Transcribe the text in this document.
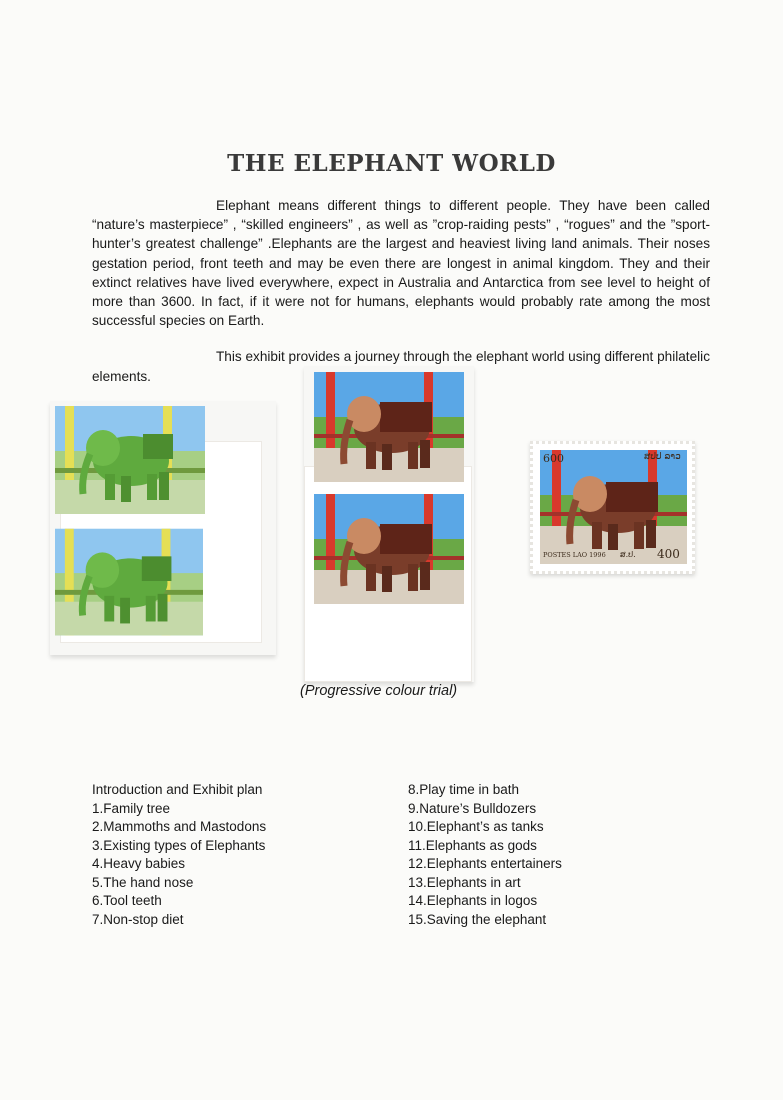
THE ELEPHANT WORLD

Elephant means different things to different people. They have been called “nature’s masterpiece” , “skilled engineers” , as well as ”crop-raiding pests” , “rogues” and the ”sport-hunter’s greatest challenge” .Elephants are the largest and heaviest living land animals. Their noses gestation period, front teeth and may be even there are longest in animal kingdom. They and their extinct relatives have lived everywhere, expect in Australia and Antarctica from see level to height of more than 3600. In fact, if it were not for humans, elephants would probably rate among the most successful species on Earth.

This exhibit provides a journey through the elephant world using different philatelic elements.

600	ສປປ ລາວ
POSTES LAO 1996 ສ.ປ. 400
(Progressive colour trial)
Introduction and Exhibit plan
1.Family tree
2.Mammoths and Mastodons
3.Existing types of Elephants
4.Heavy babies
5.The hand nose
6.Tool teeth
7.Non-stop diet
8.Play time in bath
9.Nature’s Bulldozers
10.Elephant’s as tanks
11.Elephants as gods
12.Elephants entertainers
13.Elephants in art
14.Elephants in logos
15.Saving the elephant
